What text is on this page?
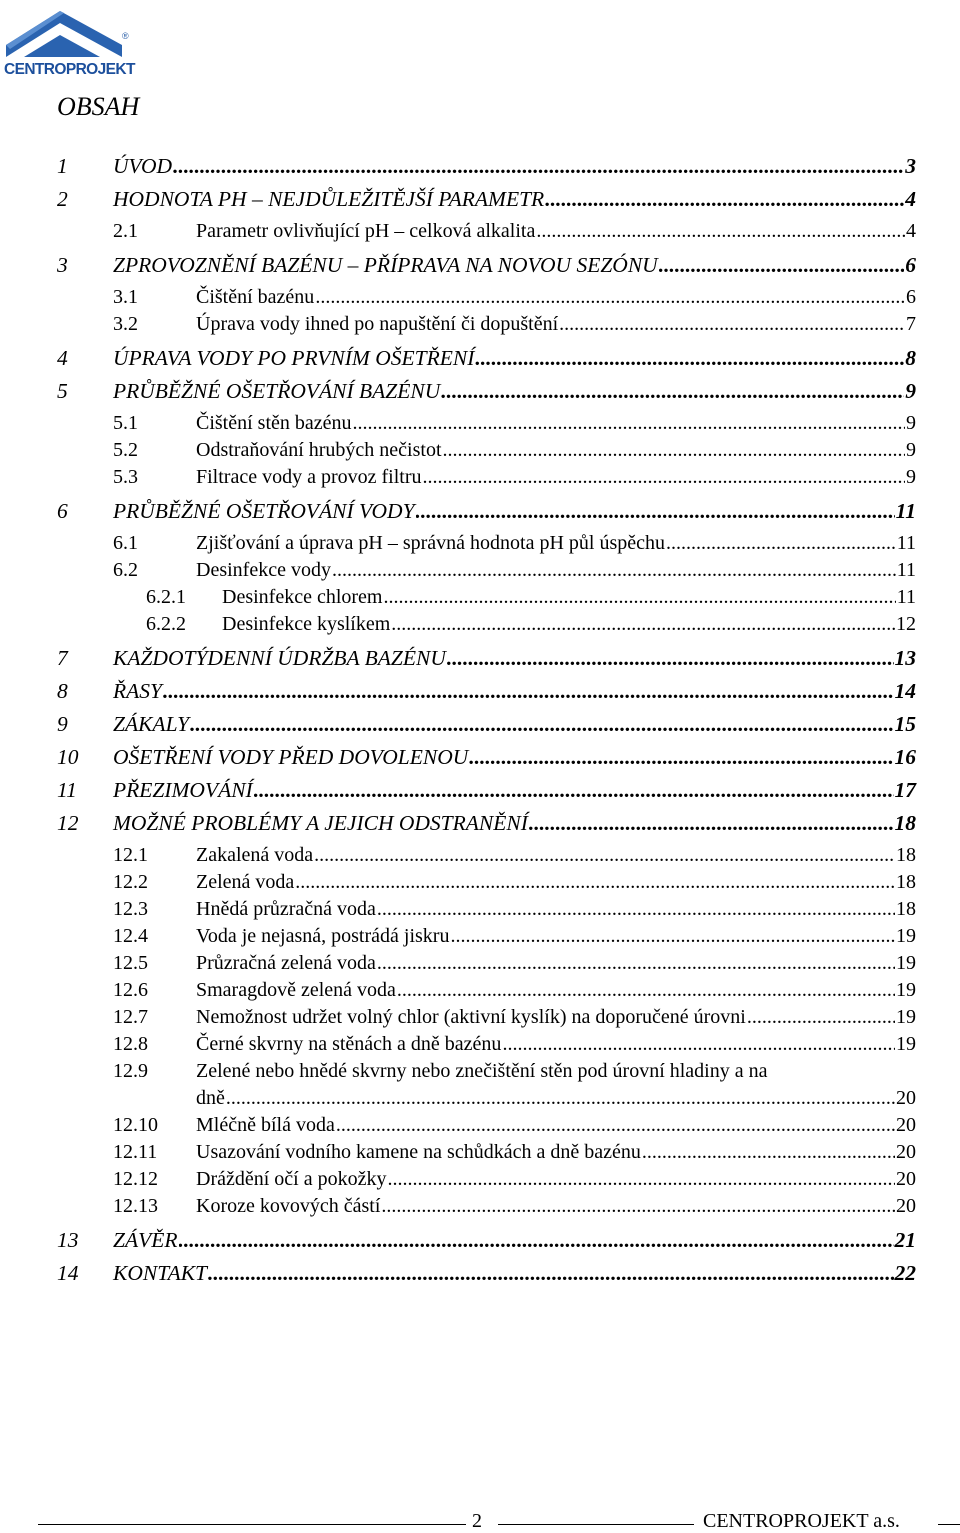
®
CENTROPROJEKT
OBSAH
1 ÚVOD .....	3
2 HODNOTA PH – NEJDŮLEŽITĚJŠÍ PARAMETR .....	4
2.1	Parametr ovlivňující pH – celková alkalita .....	4
3 ZPROVOZNĚNÍ BAZÉNU – PŘÍPRAVA NA NOVOU SEZÓNU .....	6
3.1	Čištění bazénu .....	6
3.2	Úprava vody ihned po napuštění či dopuštění .....	7
4 ÚPRAVA VODY PO PRVNÍM OŠETŘENÍ .....	8
5 PRŮBĚŽNÉ OŠETŘOVÁNÍ BAZÉNU .....	9
5.1	Čištění stěn bazénu .....	9
5.2	Odstraňování hrubých nečistot .....	9
5.3	Filtrace vody a provoz filtru .....	9
6 PRŮBĚŽNÉ OŠETŘOVÁNÍ VODY .....	11
6.1	Zjišťování a úprava pH – správná hodnota pH půl úspěchu .....	11
6.2	Desinfekce vody .....	11
6.2.1 Desinfekce chlorem .....	11
6.2.2 Desinfekce kyslíkem .....	12
7 KAŽDOTÝDENNÍ ÚDRŽBA BAZÉNU .....	13
8 ŘASY .....	14
9 ZÁKALY .....	15
10 OŠETŘENÍ VODY PŘED DOVOLENOU .....	16
11 PŘEZIMOVÁNÍ .....	17
12 MOŽNÉ PROBLÉMY A JEJICH ODSTRANĚNÍ .....	18
12.1 Zakalená voda .....	18
12.2 Zelená voda .....	18
12.3 Hnědá průzračná voda .....	18
12.4 Voda je nejasná, postrádá jiskru .....	19
12.5 Průzračná zelená voda .....	19
12.6 Smaragdově zelená voda .....	19
12.7 Nemožnost udržet volný chlor (aktivní kyslík) na doporučené úrovni .....	19
12.8 Černé skvrny na stěnách a dně bazénu .....	19
12.9 Zelené nebo hnědé skvrny nebo znečištění stěn pod úrovní hladiny a na
dně .....	20
12.10 Mléčně bílá voda .....	20
12.11 Usazování vodního kamene na schůdkách a dně bazénu .....	20
12.12 Dráždění očí a pokožky .....	20
12.13 Koroze kovových částí .....	20
13 ZÁVĚR .....	21
14 KONTAKT .....	22
2	CENTROPROJEKT a.s.
